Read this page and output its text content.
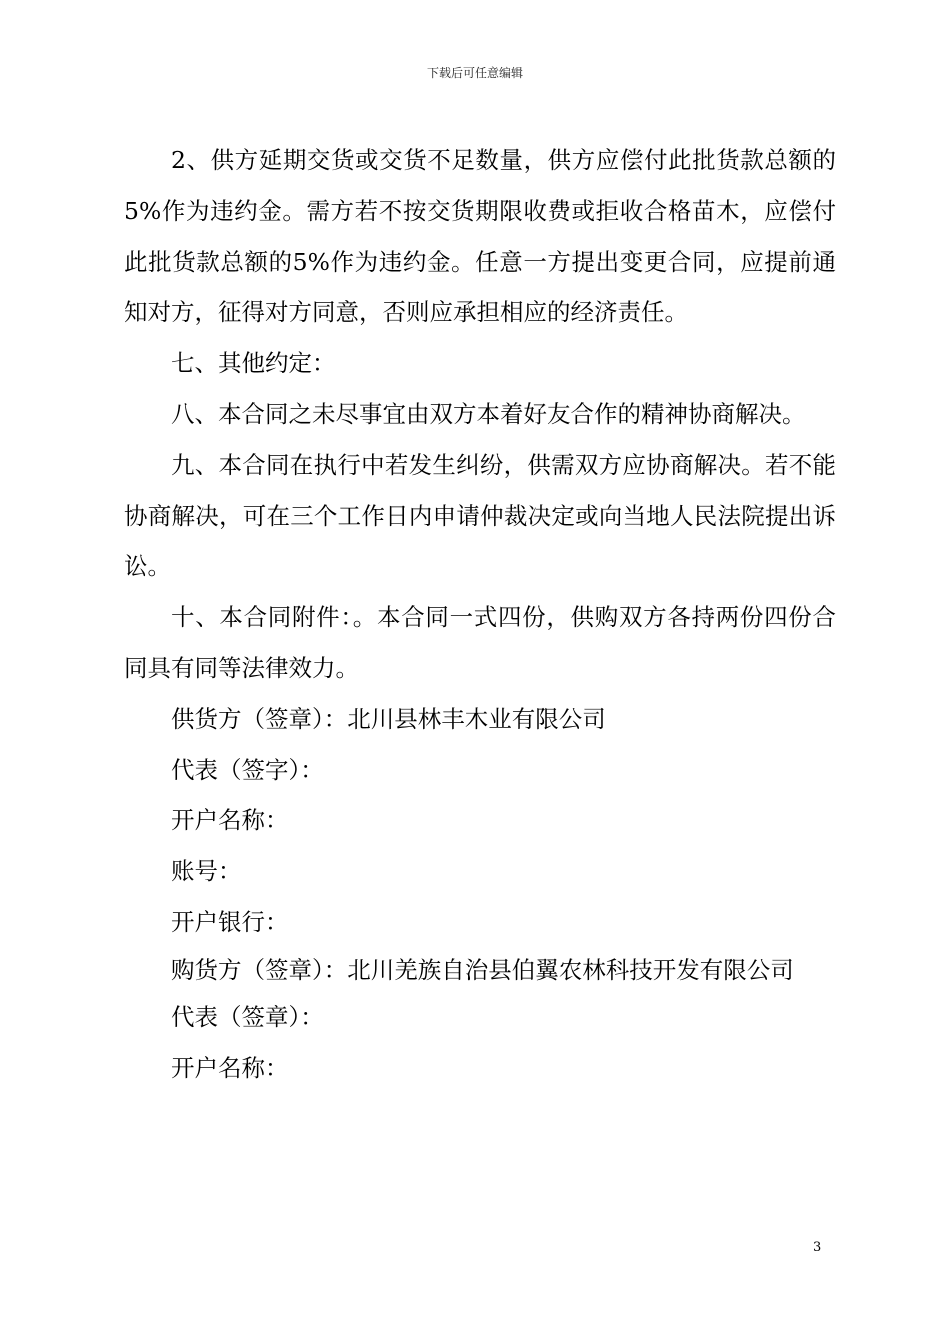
下载后可任意编辑

2、供方延期交货或交货不足数量，供方应偿付此批货款总额的5%作为违约金。需方若不按交货期限收费或拒收合格苗木，应偿付此批货款总额的5%作为违约金。任意一方提出变更合同，应提前通知对方，征得对方同意，否则应承担相应的经济责任。

七、其他约定：

八、本合同之未尽事宜由双方本着好友合作的精神协商解决。

九、本合同在执行中若发生纠纷，供需双方应协商解决。若不能协商解决，可在三个工作日内申请仲裁决定或向当地人民法院提出诉讼。

十、本合同附件：。本合同一式四份，供购双方各持两份四份合同具有同等法律效力。

供货方（签章）：北川县林丰木业有限公司

代表（签字）：

开户名称：

账号：

开户银行：

购货方（签章）：北川羌族自治县伯翼农林科技开发有限公司

代表（签章）：

开户名称：

3
